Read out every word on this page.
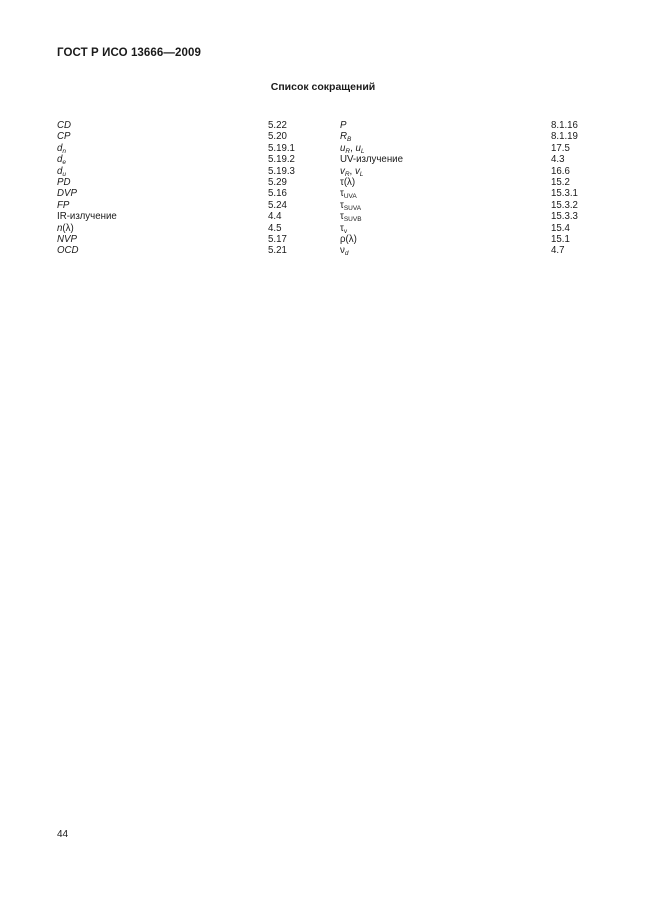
ГОСТ Р ИСО 13666—2009
Список сокращений
CD	5.22	P	8.1.16
CP	5.20	$R_B$	8.1.19
$d_n$	5.19.1	$u_R$, $u_L$	17.5
$d_e$	5.19.2	UV-излучение	4.3
$d_u$	5.19.3	$v_R$, $v_L$	16.6
PD	5.29	τ(λ)	15.2
DVP	5.16	$\tau_{UVA}$	15.3.1
FP	5.24	$\tau_{SUVA}$	15.3.2
IR-излучение	4.4	$\tau_{SUVB}$	15.3.3
n(λ)	4.5	$\tau_v$	15.4
NVP	5.17	ρ(λ)	15.1
OCD	5.21	$\nu_d$	4.7

44
